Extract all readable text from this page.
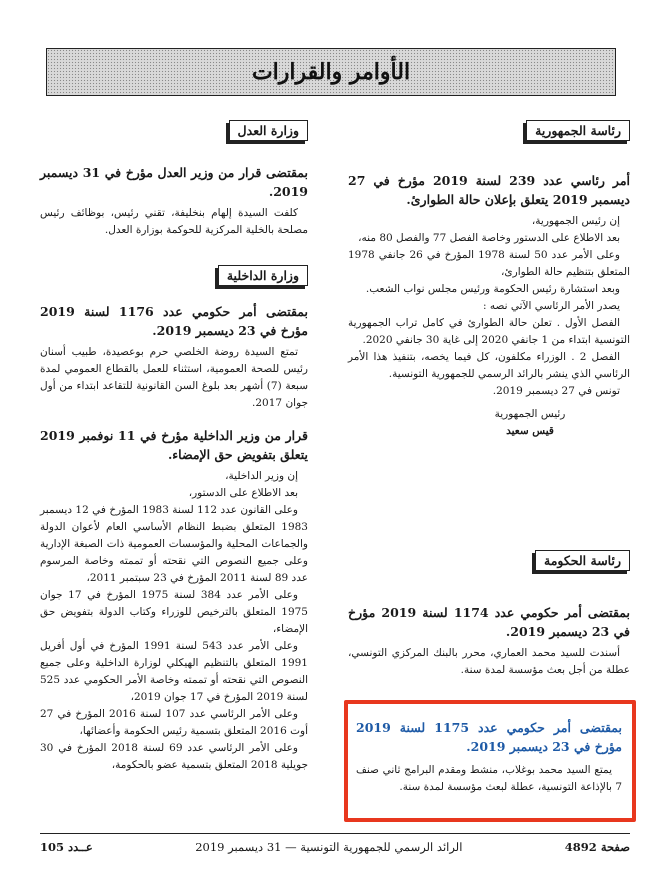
الأوامر والقرارات
رئاسة الجمهورية
أمر رئاسي عدد 239 لسنة 2019 مؤرخ في 27 ديسمبر 2019 يتعلق بإعلان حالة الطوارئ.

إن رئيس الجمهورية،

بعد الاطلاع على الدستور وخاصة الفصل 77 والفصل 80 منه،

وعلى الأمر عدد 50 لسنة 1978 المؤرخ في 26 جانفي 1978 المتعلق بتنظيم حالة الطوارئ،

وبعد استشارة رئيس الحكومة ورئيس مجلس نواب الشعب.

يصدر الأمر الرئاسي الآتي نصه :

الفصل الأول . تعلن حالة الطوارئ في كامل تراب الجمهورية التونسية ابتداء من 1 جانفي 2020 إلى غاية 30 جانفي 2020.

الفصل 2 . الوزراء مكلفون، كل فيما يخصه، بتنفيذ هذا الأمر الرئاسي الذي ينشر بالرائد الرسمي للجمهورية التونسية.

تونس في 27 ديسمبر 2019.

رئيس الجمهورية

قيس سعيد

رئاسة الحكومة
بمقتضى أمر حكومي عدد 1174 لسنة 2019 مؤرخ في 23 ديسمبر 2019.

أسندت للسيد محمد العماري، محرر بالبنك المركزي التونسي، عطلة من أجل بعث مؤسسة لمدة سنة.

بمقتضى أمر حكومي عدد 1175 لسنة 2019 مؤرخ في 23 ديسمبر 2019.

يمتع السيد محمد بوغلاب، منشط ومقدم البرامج ثاني صنف 7 بالإذاعة التونسية، عطلة لبعث مؤسسة لمدة سنة.

وزارة العدل
بمقتضى قرار من وزير العدل مؤرخ في 31 ديسمبر 2019.

كلفت السيدة إلهام بنخليفة، تقني رئيس، بوظائف رئيس مصلحة بالخلية المركزية للحوكمة بوزارة العدل.

وزارة الداخلية
بمقتضى أمر حكومي عدد 1176 لسنة 2019 مؤرخ في 23 ديسمبر 2019.

تمتع السيدة روضة الخلصي حرم بوعصيدة، طبيب أسنان رئيس للصحة العمومية، استثناء للعمل بالقطاع العمومي لمدة سبعة (7) أشهر بعد بلوغ السن القانونية للتقاعد ابتداء من أول جوان 2017.

قرار من وزير الداخلية مؤرخ في 11 نوفمبر 2019 يتعلق بتفويض حق الإمضاء.

إن وزير الداخلية،

بعد الاطلاع على الدستور،

وعلى القانون عدد 112 لسنة 1983 المؤرخ في 12 ديسمبر 1983 المتعلق بضبط النظام الأساسي العام لأعوان الدولة والجماعات المحلية والمؤسسات العمومية ذات الصبغة الإدارية وعلى جميع النصوص التي نقحته أو تممته وخاصة المرسوم عدد 89 لسنة 2011 المؤرخ في 23 سبتمبر 2011،

وعلى الأمر عدد 384 لسنة 1975 المؤرخ في 17 جوان 1975 المتعلق بالترخيص للوزراء وكتاب الدولة بتفويض حق الإمضاء،

وعلى الأمر عدد 543 لسنة 1991 المؤرخ في أول أفريل 1991 المتعلق بالتنظيم الهيكلي لوزارة الداخلية وعلى جميع النصوص التي نقحته أو تممته وخاصة الأمر الحكومي عدد 525 لسنة 2019 المؤرخ في 17 جوان 2019،

وعلى الأمر الرئاسي عدد 107 لسنة 2016 المؤرخ في 27 أوت 2016 المتعلق بتسمية رئيس الحكومة وأعضائها،

وعلى الأمر الرئاسي عدد 69 لسنة 2018 المؤرخ في 30 جويلية 2018 المتعلق بتسمية عضو بالحكومة،

صفحة 4892
الرائد الرسمي للجمهورية التونسية — 31 ديسمبر 2019
عــدد 105
